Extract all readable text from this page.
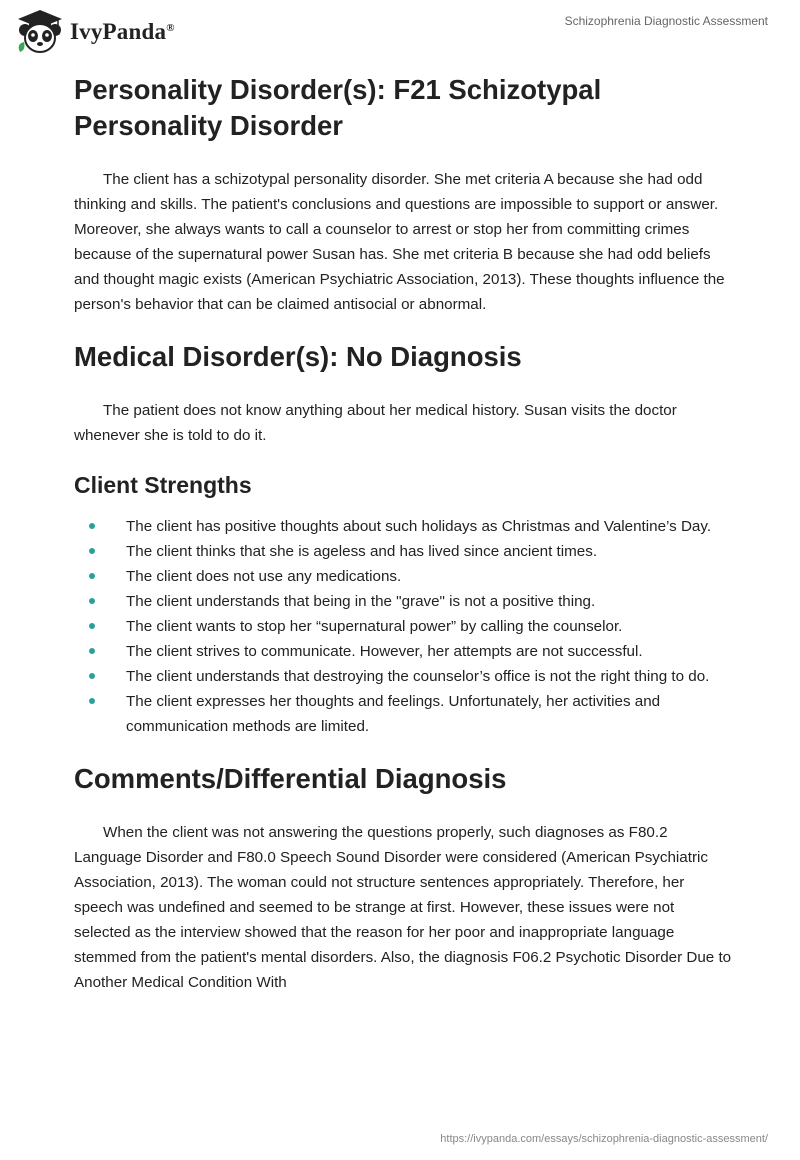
IvyPanda®	Schizophrenia Diagnostic Assessment
Personality Disorder(s): F21 Schizotypal Personality Disorder

The client has a schizotypal personality disorder. She met criteria A because she had odd thinking and skills. The patient's conclusions and questions are impossible to support or answer. Moreover, she always wants to call a counselor to arrest or stop her from committing crimes because of the supernatural power Susan has. She met criteria B because she had odd beliefs and thought magic exists (American Psychiatric Association, 2013). These thoughts influence the person's behavior that can be claimed antisocial or abnormal.

Medical Disorder(s): No Diagnosis

The patient does not know anything about her medical history. Susan visits the doctor whenever she is told to do it.

Client Strengths
The client has positive thoughts about such holidays as Christmas and Valentine’s Day.
The client thinks that she is ageless and has lived since ancient times.
The client does not use any medications.
The client understands that being in the "grave" is not a positive thing.
The client wants to stop her “supernatural power” by calling the counselor.
The client strives to communicate. However, her attempts are not successful.
The client understands that destroying the counselor’s office is not the right thing to do.
The client expresses her thoughts and feelings. Unfortunately, her activities and communication methods are limited.
Comments/Differential Diagnosis

When the client was not answering the questions properly, such diagnoses as F80.2 Language Disorder and F80.0 Speech Sound Disorder were considered (American Psychiatric Association, 2013). The woman could not structure sentences appropriately. Therefore, her speech was undefined and seemed to be strange at first. However, these issues were not selected as the interview showed that the reason for her poor and inappropriate language stemmed from the patient's mental disorders. Also, the diagnosis F06.2 Psychotic Disorder Due to Another Medical Condition With

https://ivypanda.com/essays/schizophrenia-diagnostic-assessment/
